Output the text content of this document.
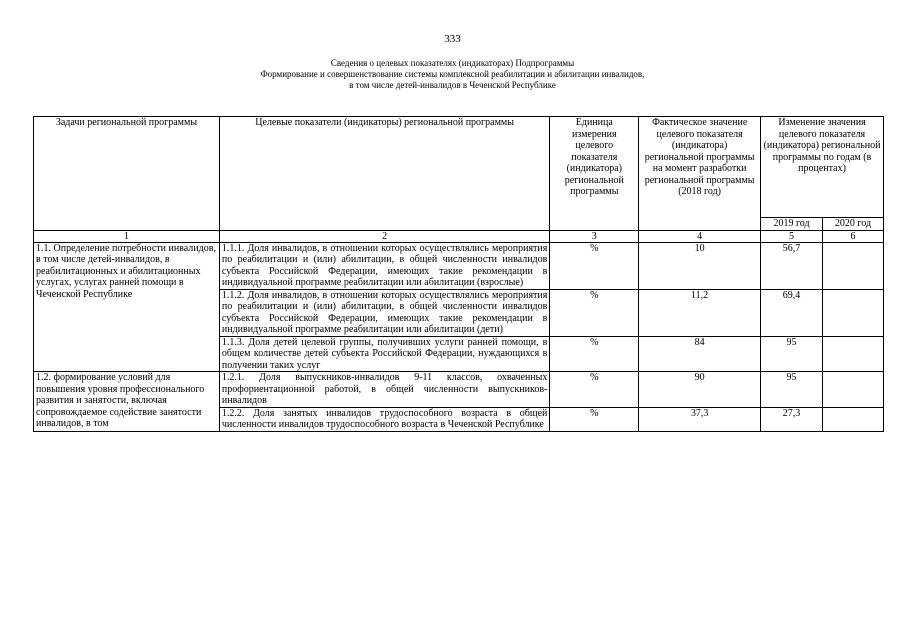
333
Сведения о целевых показателях (индикаторах) Подпрограммы
Формирование и совершенствование системы комплексной реабилитации и абилитации инвалидов,
в том числе детей-инвалидов в Чеченской Республике
Задачи региональной программы	Целевые показатели (индикаторы) региональной программы	Единица измерения целевого показателя (индикатора) региональной программы	Фактическое значение целевого показателя (индикатора) региональной программы на момент разработки региональной программы (2018 год)	Изменение значения целевого показателя (индикатора) региональной программы по годам (в процентах)	
				2019 год	2020 год
1	2	3	4	5	6
1.1. Определение потребности инвалидов, в том числе детей-инвалидов, в реабилитационных и абилитационных услугах, услугах ранней помощи в Чеченской Республике	1.1.1. Доля инвалидов, в отношении которых осуществлялись мероприятия по реабилитации и (или) абилитации, в общей численности инвалидов субъекта Российской Федерации, имеющих такие рекомендации в индивидуальной программе реабилитации или абилитации (взрослые)	%	10	56,7	
	1.1.2. Доля инвалидов, в отношении которых осуществлялись мероприятия по реабилитации и (или) абилитации, в общей численности инвалидов субъекта Российской Федерации, имеющих такие рекомендации в индивидуальной программе реабилитации или абилитации (дети)	%	11,2	69,4	
	1.1.3. Доля детей целевой группы, получивших услуги ранней помощи, в общем количестве детей субъекта Российской Федерации, нуждающихся в получении таких услуг	%	84	95	
1.2. формирование условий для повышения уровня профессионального развития и занятости, включая сопровождаемое содействие занятости инвалидов, в том	1.2.1. Доля выпускников-инвалидов 9-11 классов, охваченных профориентационной работой, в общей численности выпускников-инвалидов	%	90	95	
	1.2.2. Доля занятых инвалидов трудоспособного возраста в общей численности инвалидов трудоспособного возраста в Чеченской Республике	%	37,3	27,3	
